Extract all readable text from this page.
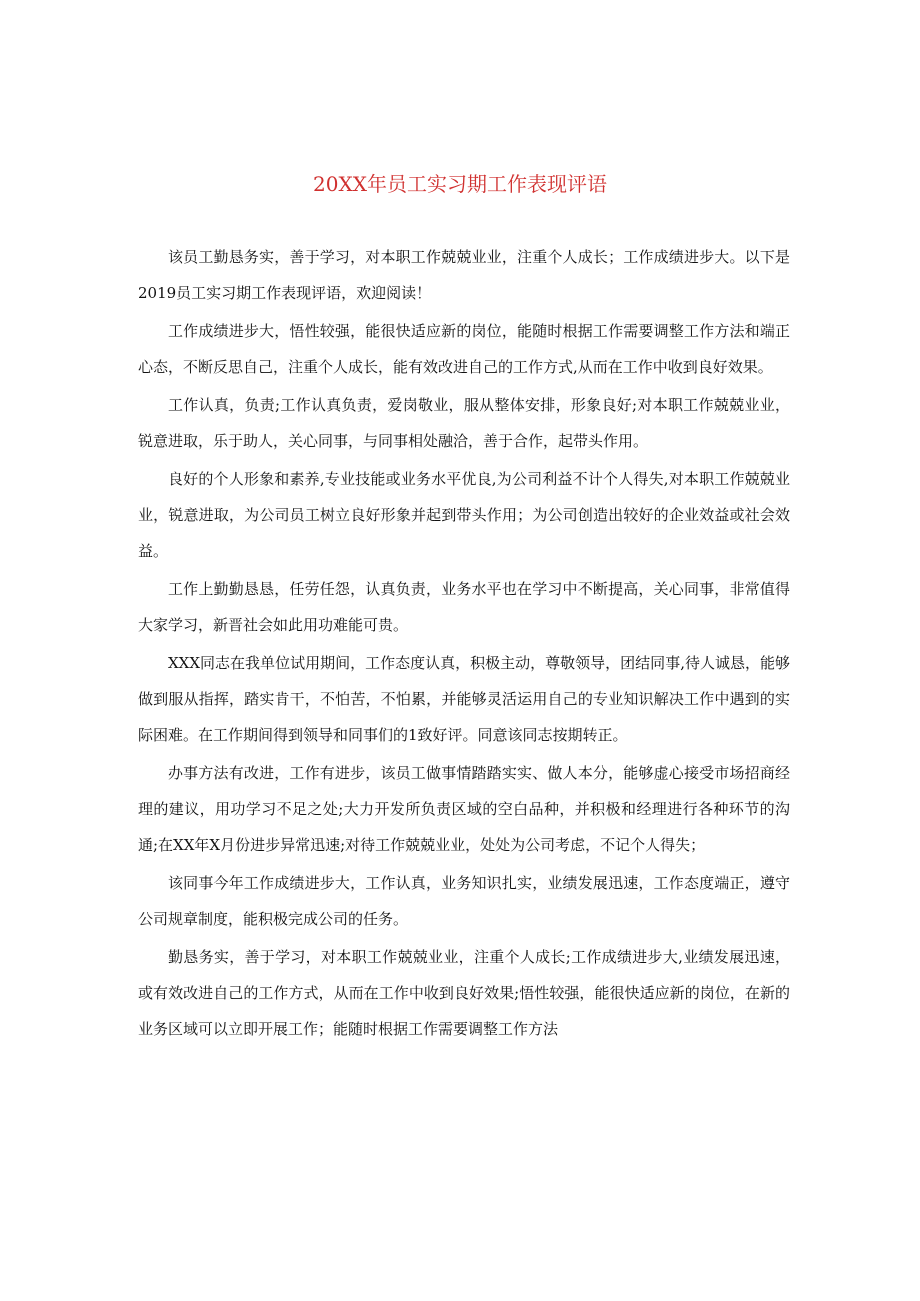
20XX年员工实习期工作表现评语

该员工勤恳务实，善于学习，对本职工作兢兢业业，注重个人成长；工作成绩进步大。以下是2019员工实习期工作表现评语，欢迎阅读！

工作成绩进步大，悟性较强，能很快适应新的岗位，能随时根据工作需要调整工作方法和端正心态，不断反思自己，注重个人成长，能有效改进自己的工作方式,从而在工作中收到良好效果。

工作认真，负责;工作认真负责，爱岗敬业，服从整体安排，形象良好;对本职工作兢兢业业，锐意进取，乐于助人，关心同事，与同事相处融洽，善于合作，起带头作用。

良好的个人形象和素养,专业技能或业务水平优良,为公司利益不计个人得失,对本职工作兢兢业业，锐意进取，为公司员工树立良好形象并起到带头作用；为公司创造出较好的企业效益或社会效益。

工作上勤勤恳恳，任劳任怨，认真负责，业务水平也在学习中不断提高，关心同事，非常值得大家学习，新晋社会如此用功难能可贵。

XXX同志在我单位试用期间，工作态度认真，积极主动，尊敬领导，团结同事,待人诚恳，能够做到服从指挥，踏实肯干，不怕苦，不怕累，并能够灵活运用自己的专业知识解决工作中遇到的实际困难。在工作期间得到领导和同事们的1致好评。同意该同志按期转正。

办事方法有改进，工作有进步，该员工做事情踏踏实实、做人本分，能够虚心接受市场招商经理的建议，用功学习不足之处;大力开发所负责区域的空白品种，并积极和经理进行各种环节的沟通;在XX年X月份进步异常迅速;对待工作兢兢业业，处处为公司考虑，不记个人得失；

该同事今年工作成绩进步大，工作认真，业务知识扎实，业绩发展迅速，工作态度端正，遵守公司规章制度，能积极完成公司的任务。

勤恳务实，善于学习，对本职工作兢兢业业，注重个人成长;工作成绩进步大,业绩发展迅速，或有效改进自己的工作方式，从而在工作中收到良好效果;悟性较强，能很快适应新的岗位，在新的业务区域可以立即开展工作；能随时根据工作需要调整工作方法
